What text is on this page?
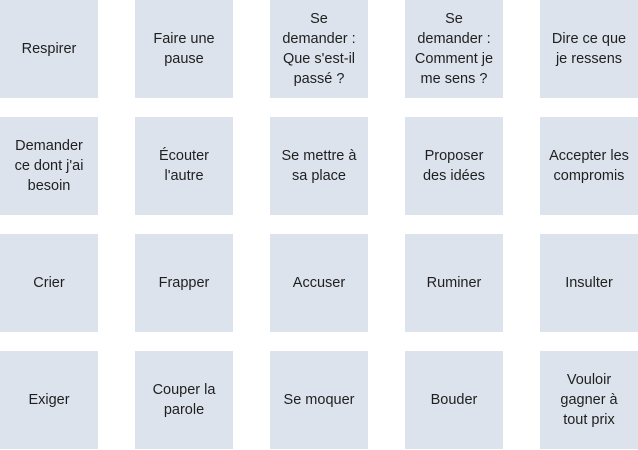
Respirer
Faire une
pause
Se
demander :
Que s'est-il
passé ?
Se
demander :
Comment je
me sens ?
Dire ce que
je ressens
Demander
ce dont j'ai
besoin
Écouter
l'autre
Se mettre à
sa place
Proposer
des idées
Accepter les
compromis
Crier	Frapper	Accuser	Ruminer	Insulter
Exiger
Couper la
parole
Se moquer	Bouder
Vouloir
gagner à
tout prix
